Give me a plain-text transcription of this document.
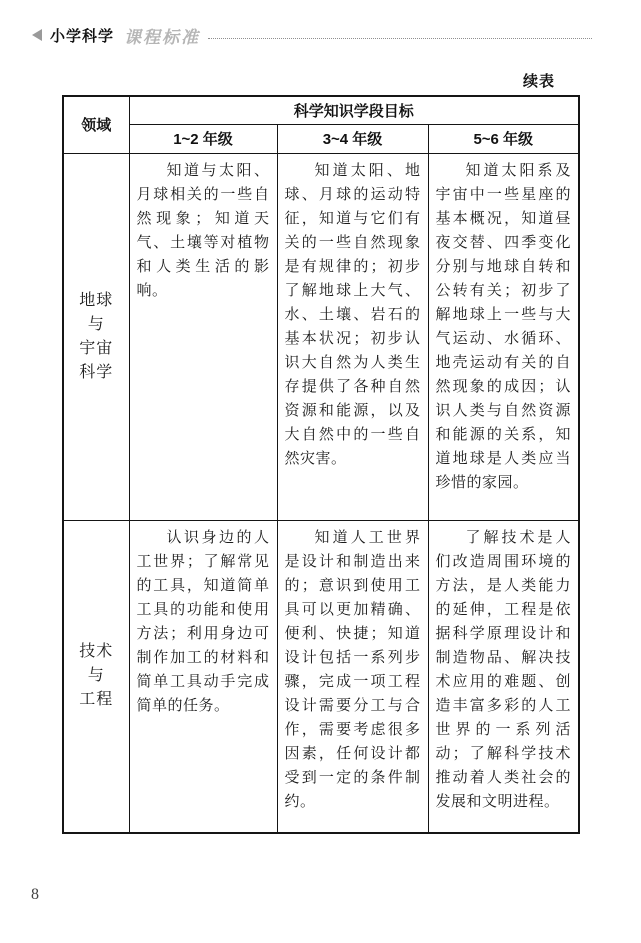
小学科学 课程标准
续表
领域	科学知识学段目标		
	1~2 年级	3~4 年级	5~6 年级

地球
与
宇宙
科学	知道与太阳、月球相关的一些自然现象；知道天气、土壤等对植物和人类生活的影响。	知道太阳、地球、月球的运动特征，知道与它们有关的一些自然现象是有规律的；初步了解地球上大气、水、土壤、岩石的基本状况；初步认识大自然为人类生存提供了各种自然资源和能源，以及大自然中的一些自然灾害。	知道太阳系及宇宙中一些星座的基本概况，知道昼夜交替、四季变化分别与地球自转和公转有关；初步了解地球上一些与大气运动、水循环、地壳运动有关的自然现象的成因；认识人类与自然资源和能源的关系，知道地球是人类应当珍惜的家园。

技术
与
工程	认识身边的人工世界；了解常见的工具，知道简单工具的功能和使用方法；利用身边可制作加工的材料和简单工具动手完成简单的任务。	知道人工世界是设计和制造出来的；意识到使用工具可以更加精确、便利、快捷；知道设计包括一系列步骤，完成一项工程设计需要分工与合作，需要考虑很多因素，任何设计都受到一定的条件制约。	了解技术是人们改造周围环境的方法，是人类能力的延伸，工程是依据科学原理设计和制造物品、解决技术应用的难题、创造丰富多彩的人工世界的一系列活动；了解科学技术推动着人类社会的发展和文明进程。
8
